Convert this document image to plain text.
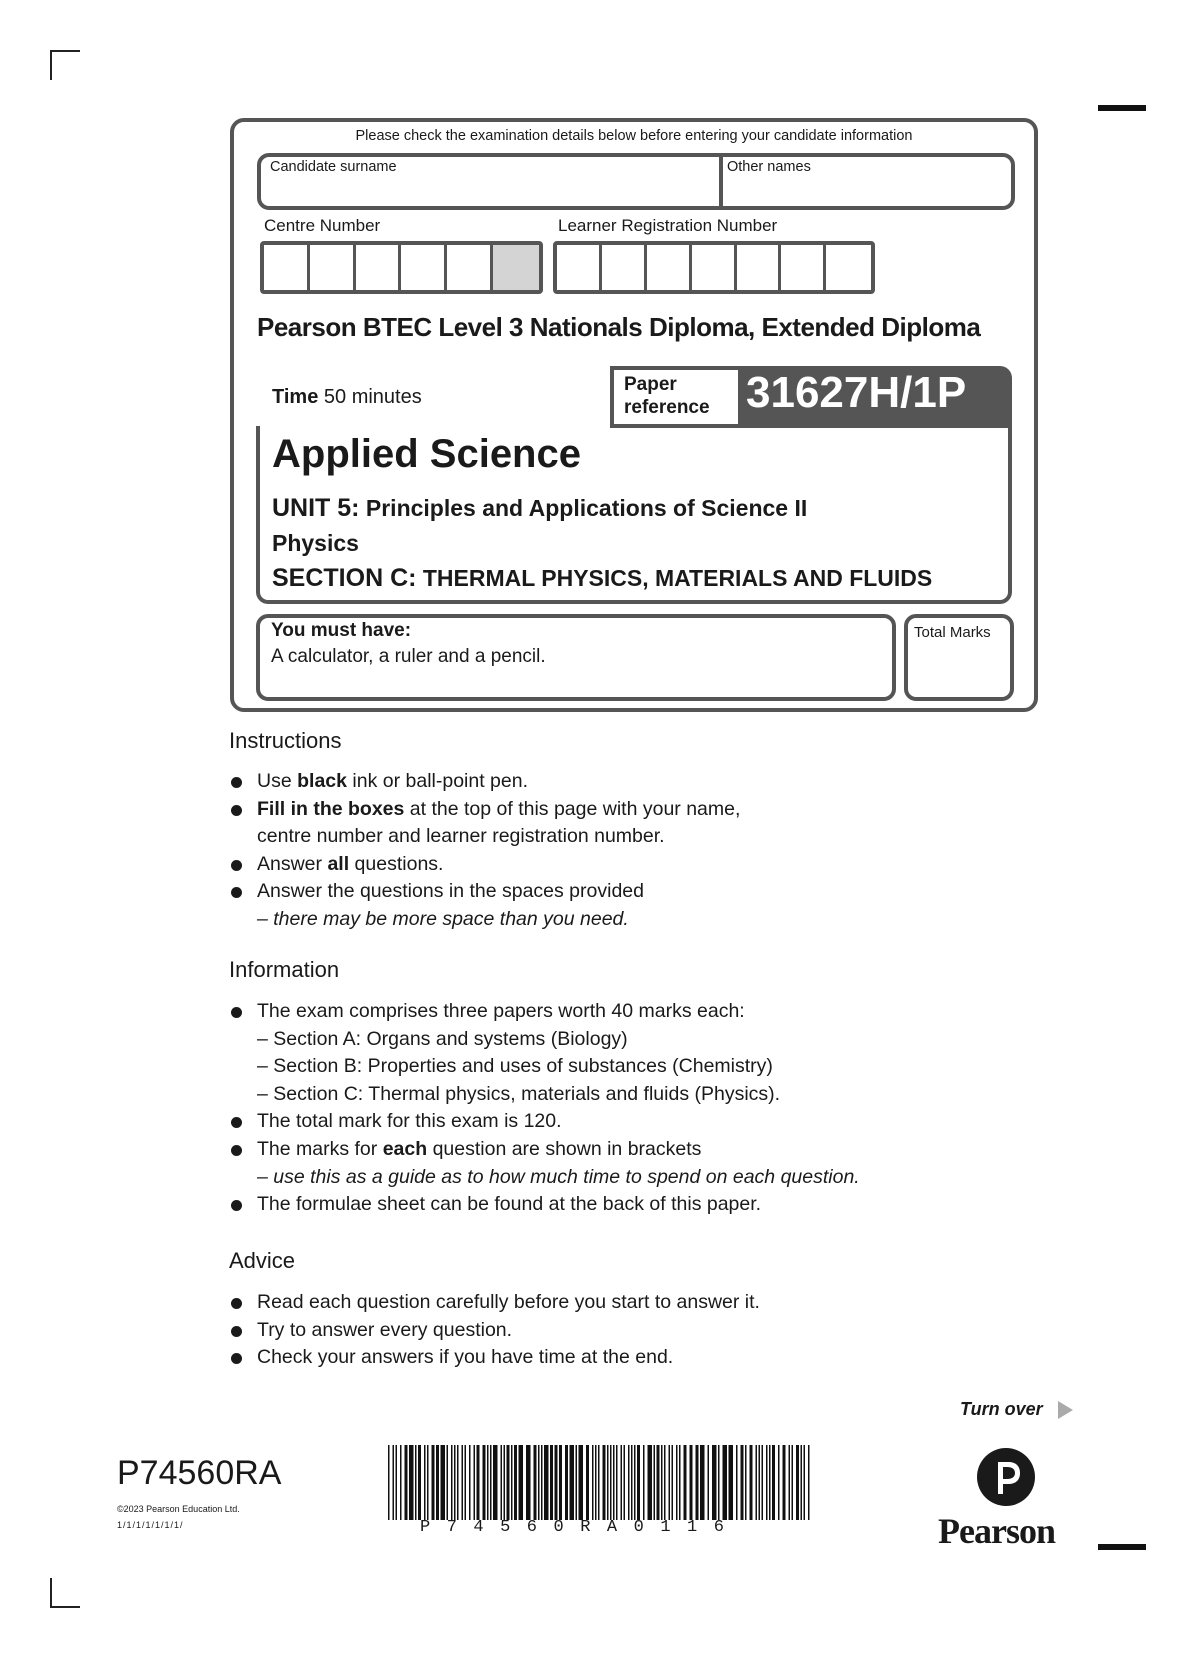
Please check the examination details below before entering your candidate information
Candidate surname	Other names
Centre Number	Learner Registration Number
Pearson BTEC Level 3 Nationals Diploma, Extended Diploma
Time 50 minutes
Paper reference 31627H/1P
Applied Science
UNIT 5: Principles and Applications of Science II
Physics
SECTION C: THERMAL PHYSICS, MATERIALS AND FLUIDS
You must have:
A calculator, a ruler and a pencil.
Total Marks
Instructions
Use black ink or ball-point pen.
Fill in the boxes at the top of this page with your name,
centre number and learner registration number.
Answer all questions.
Answer the questions in the spaces provided
– there may be more space than you need.
Information
The exam comprises three papers worth 40 marks each:
– Section A: Organs and systems (Biology)
– Section B: Properties and uses of substances (Chemistry)
– Section C: Thermal physics, materials and fluids (Physics).
The total mark for this exam is 120.
The marks for each question are shown in brackets
– use this as a guide as to how much time to spend on each question.
The formulae sheet can be found at the back of this paper.
Advice
Read each question carefully before you start to answer it.
Try to answer every question.
Check your answers if you have time at the end.
Turn over
P74560RA
©2023 Pearson Education Ltd.
1/1/1/1/1/1/1/	P74560RA0116	Pearson
